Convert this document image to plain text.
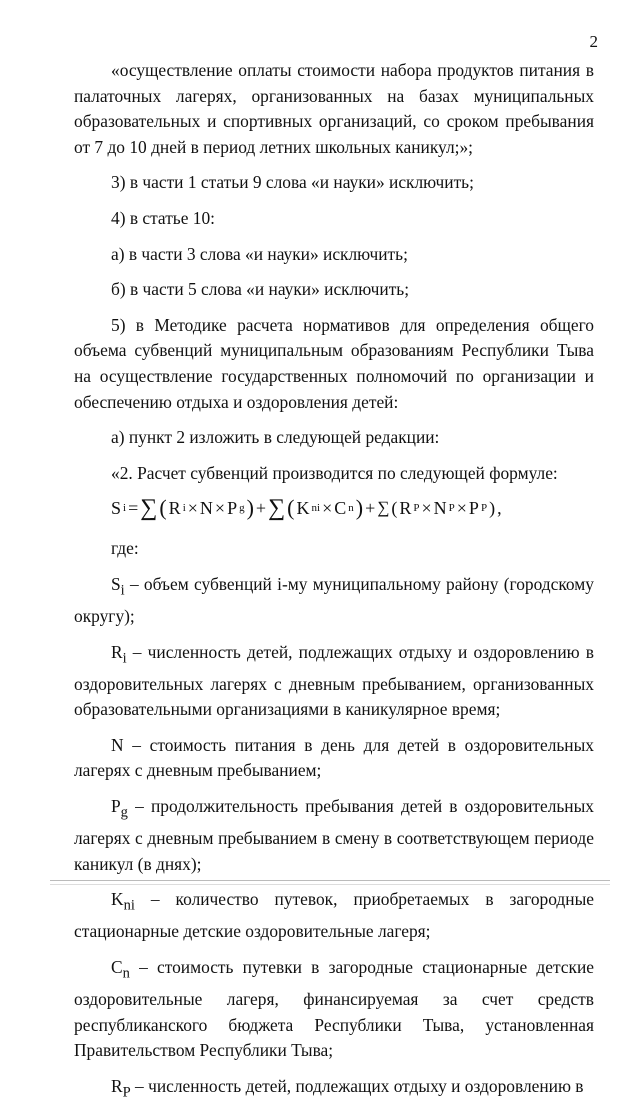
2

«осуществление оплаты стоимости набора продуктов питания в палаточных лагерях, организованных на базах муниципальных образовательных и спортивных организаций, со сроком пребывания от 7 до 10 дней в период летних школьных каникул;»;

3) в части 1 статьи 9 слова «и науки» исключить;

4) в статье 10:

а) в части 3 слова «и науки» исключить;

б) в части 5 слова «и науки» исключить;

5) в Методике расчета нормативов для определения общего объема субвенций муниципальным образованиям Республики Тыва на осуществление государственных полномочий по организации и обеспечению отдыха и оздоровления детей:

а) пункт 2 изложить в следующей редакции:

«2. Расчет субвенций производится по следующей формуле:

S i = ∑ ( R i × N × P g ) + ∑ ( K ni × C n ) + ∑ ( R P × N P × P P ) ,

где:

$S_i$ – объем субвенций i-му муниципальному району (городскому округу);

$R_i$ – численность детей, подлежащих отдыху и оздоровлению в оздоровительных лагерях с дневным пребыванием, организованных образовательными организациями в каникулярное время;

N – стоимость питания в день для детей в оздоровительных лагерях с дневным пребыванием;

$P_g$ – продолжительность пребывания детей в оздоровительных лагерях с дневным пребыванием в смену в соответствующем периоде каникул (в днях);

$K_{ni}$ – количество путевок, приобретаемых в загородные стационарные детские оздоровительные лагеря;

$C_n$ – стоимость путевки в загородные стационарные детские оздоровительные лагеря, финансируемая за счет средств республиканского бюджета Республики Тыва, установленная Правительством Республики Тыва;

$R_P$ – численность детей, подлежащих отдыху и оздоровлению в
